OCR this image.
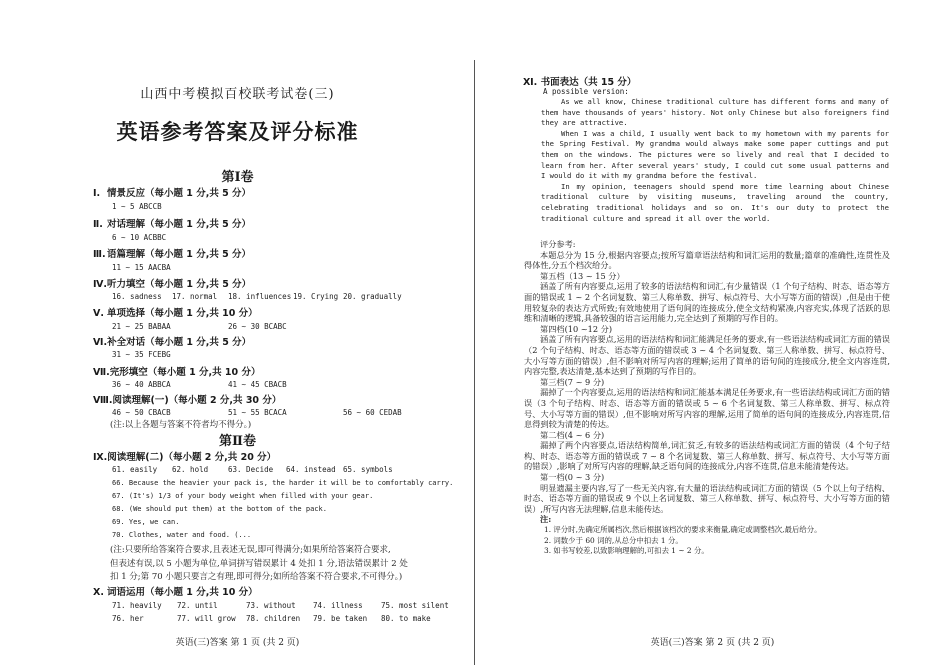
山西中考模拟百校联考试卷(三)
英语参考答案及评分标准
第Ⅰ卷
Ⅰ. 情景反应（每小题 1 分,共 5 分）
1 ~ 5 ABCCB
Ⅱ. 对话理解（每小题 1 分,共 5 分）
6 ~ 10 ACBBC
Ⅲ.语篇理解（每小题 1 分,共 5 分）
11 ~ 15 AACBA
Ⅳ.听力填空（每小题 1 分,共 5 分）
16. sadness 17. normal 18. influences 19. Crying 20. gradually
Ⅴ. 单项选择（每小题 1 分,共 10 分）
21 ~ 25 BABAA	26 ~ 30 BCABC
Ⅵ.补全对话（每小题 1 分,共 5 分）
31 ~ 35 FCEBG
Ⅶ.完形填空（每小题 1 分,共 10 分）
36 ~ 40 ABBCA	41 ~ 45 CBACB
Ⅷ.阅读理解(一)（每小题 2 分,共 30 分）
46 ~ 50 CBACB	51 ~ 55 BCACA	56 ~ 60 CEDAB
(注:以上各题与答案不符者均不得分。)
第Ⅱ卷
Ⅸ.阅读理解(二)（每小题 2 分,共 20 分）
61. easily 62. hold	63. Decide 64. instead 65. symbols
66. Because the heavier your pack is, the harder it will be to comfortably carry.
67. (It's) 1/3 of your body weight when filled with your gear.
68. (We should put them) at the bottom of the pack.
69. Yes, we can.
70. Clothes, water and food. (...
(注:只要所给答案符合要求,且表述无误,即可得满分;如果所给答案符合要求,
但表述有误,以 5 小题为单位,单词拼写错误累计 4 处扣 1 分,语法错误累计 2 处
扣 1 分;第 70 小题只要言之有理,即可得分;如所给答案不符合要求,不可得分。)
Ⅹ. 词语运用（每小题 1 分,共 10 分）
71. heavily 72. until	73. without 74. illness 75. most silent
76. her	77. will grow 78. children 79. be taken 80. to make
英语(三)答案 第 1 页 (共 2 页)
Ⅺ. 书面表达（共 15 分）
A possible version:

As we all know, Chinese traditional culture has different forms and many of them have thousands of years' history. Not only Chinese but also foreigners find they are attractive.

When I was a child, I usually went back to my hometown with my parents for the Spring Festival. My grandma would always make some paper cuttings and put them on the windows. The pictures were so lively and real that I decided to learn from her. After several years' study, I could cut some usual patterns and I would do it with my grandma before the festival.

In my opinion, teenagers should spend more time learning about Chinese traditional culture by visiting museums, traveling around the country, celebrating traditional holidays and so on. It's our duty to protect the traditional culture and spread it all over the world.

评分参考:
本题总分为 15 分,根据内容要点;按所写篇章语法结构和词汇运用的数量;篇章的准确性,连贯性及得体性,分五个档次给分。
第五档（13 ~ 15 分）
涵盖了所有内容要点,运用了较多的语法结构和词汇,有少量错误（1 个句子结构、时态、语态等方面的错误或 1 ~ 2 个名词复数、第三人称单数、拼写、标点符号、大小写等方面的错误）,但是由于使用较复杂的表达方式所致;有效地使用了语句间的连接成分,使全文结构紧凑,内容充实,体现了活跃的思维和清晰的逻辑,具备较强的语言运用能力,完全达到了预期的写作目的。
第四档(10 ~12 分)
涵盖了所有内容要点,运用的语法结构和词汇能满足任务的要求,有一些语法结构或词汇方面的错误（2 个句子结构、时态、语态等方面的错误或 3 ~ 4 个名词复数、第三人称单数、拼写、标点符号、大小写等方面的错误）,但不影响对所写内容的理解;运用了简单的语句间的连接成分,使全文内容连贯,内容完整,表达清楚,基本达到了预期的写作目的。
第三档(7 ~ 9 分)
漏掉了一个内容要点,运用的语法结构和词汇能基本满足任务要求,有一些语法结构或词汇方面的错误（3 个句子结构、时态、语态等方面的错误或 5 ~ 6 个名词复数、第三人称单数、拼写、标点符号、大小写等方面的错误）,但不影响对所写内容的理解,运用了简单的语句间的连接成分,内容连贯,信息得到较为清楚的传达。
第二档(4 ~ 6 分)
漏掉了两个内容要点,语法结构简单,词汇贫乏,有较多的语法结构或词汇方面的错误（4 个句子结构、时态、语态等方面的错误或 7 ~ 8 个名词复数、第三人称单数、拼写、标点符号、大小写等方面的错误）,影响了对所写内容的理解,缺乏语句间的连接成分,内容不连贯,信息未能清楚传达。
第一档(0 ~ 3 分)
明显遗漏主要内容,写了一些无关内容,有大量的语法结构或词汇方面的错误（5 个以上句子结构、时态、语态等方面的错误或 9 个以上名词复数、第三人称单数、拼写、标点符号、大小写等方面的错误）,所写内容无法理解,信息未能传达。
注:
1. 评分时,先确定所属档次,然后根据该档次的要求来衡量,确定或调整档次,最后给分。
2. 词数少于 60 词的,从总分中扣去 1 分。
3. 如书写较差,以致影响理解的,可扣去 1 ~ 2 分。
英语(三)答案 第 2 页 (共 2 页)
